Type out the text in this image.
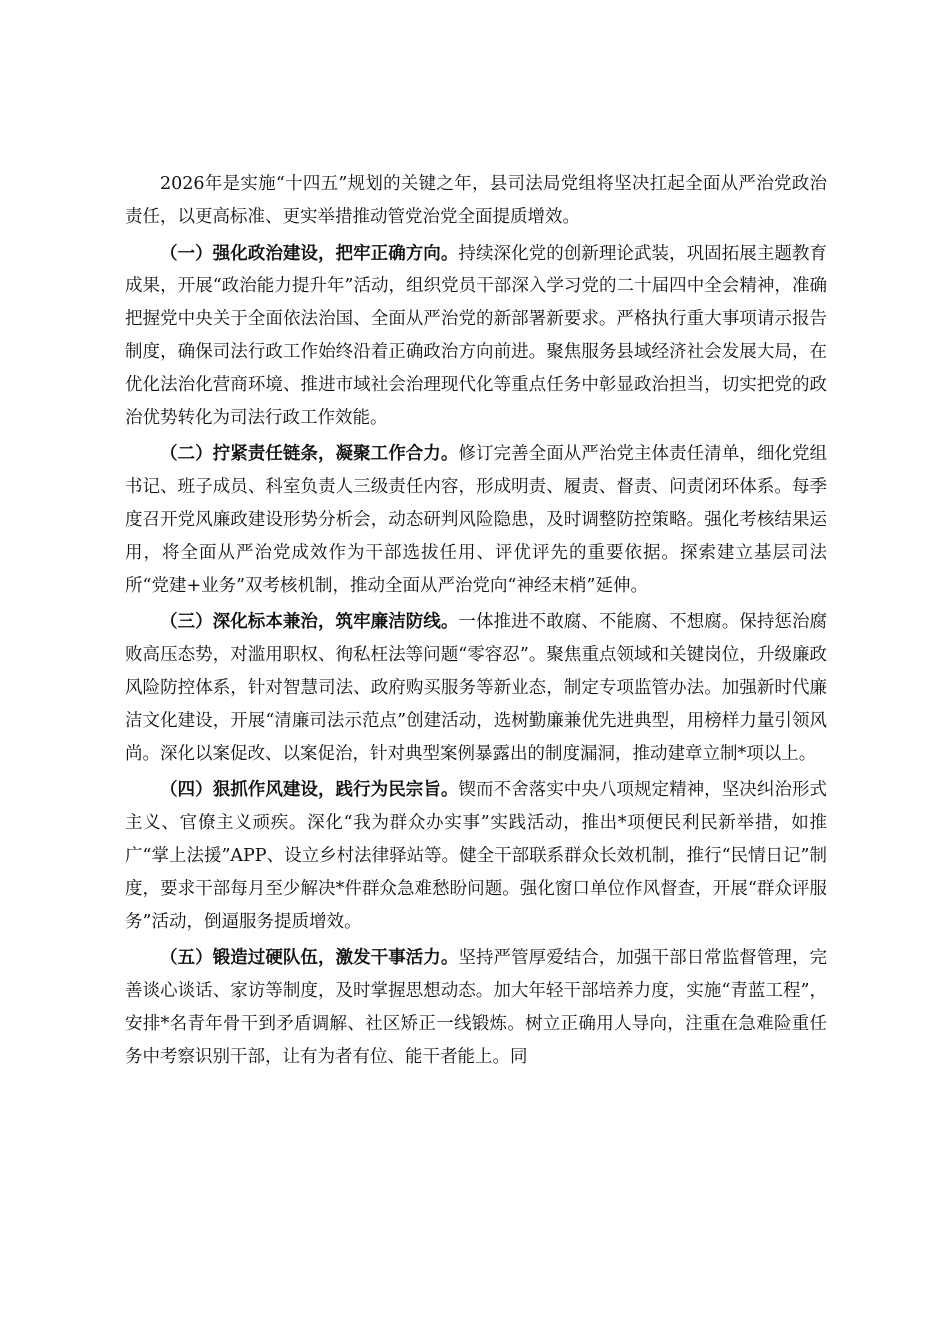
2026年是实施“十四五”规划的关键之年，县司法局党组将坚决扛起全面从严治党政治责任，以更高标准、更实举措推动管党治党全面提质增效。

（一）强化政治建设，把牢正确方向。持续深化党的创新理论武装，巩固拓展主题教育成果，开展“政治能力提升年”活动，组织党员干部深入学习党的二十届四中全会精神，准确把握党中央关于全面依法治国、全面从严治党的新部署新要求。严格执行重大事项请示报告制度，确保司法行政工作始终沿着正确政治方向前进。聚焦服务县域经济社会发展大局，在优化法治化营商环境、推进市域社会治理现代化等重点任务中彰显政治担当，切实把党的政治优势转化为司法行政工作效能。

（二）拧紧责任链条，凝聚工作合力。修订完善全面从严治党主体责任清单，细化党组书记、班子成员、科室负责人三级责任内容，形成明责、履责、督责、问责闭环体系。每季度召开党风廉政建设形势分析会，动态研判风险隐患，及时调整防控策略。强化考核结果运用，将全面从严治党成效作为干部选拔任用、评优评先的重要依据。探索建立基层司法所“党建+业务”双考核机制，推动全面从严治党向“神经末梢”延伸。

（三）深化标本兼治，筑牢廉洁防线。一体推进不敢腐、不能腐、不想腐。保持惩治腐败高压态势，对滥用职权、徇私枉法等问题“零容忍”。聚焦重点领域和关键岗位，升级廉政风险防控体系，针对智慧司法、政府购买服务等新业态，制定专项监管办法。加强新时代廉洁文化建设，开展“清廉司法示范点”创建活动，选树勤廉兼优先进典型，用榜样力量引领风尚。深化以案促改、以案促治，针对典型案例暴露出的制度漏洞，推动建章立制*项以上。

（四）狠抓作风建设，践行为民宗旨。锲而不舍落实中央八项规定精神，坚决纠治形式主义、官僚主义顽疾。深化“我为群众办实事”实践活动，推出*项便民利民新举措，如推广“掌上法援”APP、设立乡村法律驿站等。健全干部联系群众长效机制，推行“民情日记”制度，要求干部每月至少解决*件群众急难愁盼问题。强化窗口单位作风督查，开展“群众评服务”活动，倒逼服务提质增效。

（五）锻造过硬队伍，激发干事活力。坚持严管厚爱结合，加强干部日常监督管理，完善谈心谈话、家访等制度，及时掌握思想动态。加大年轻干部培养力度，实施“青蓝工程”，安排*名青年骨干到矛盾调解、社区矫正一线锻炼。树立正确用人导向，注重在急难险重任务中考察识别干部，让有为者有位、能干者能上。同
